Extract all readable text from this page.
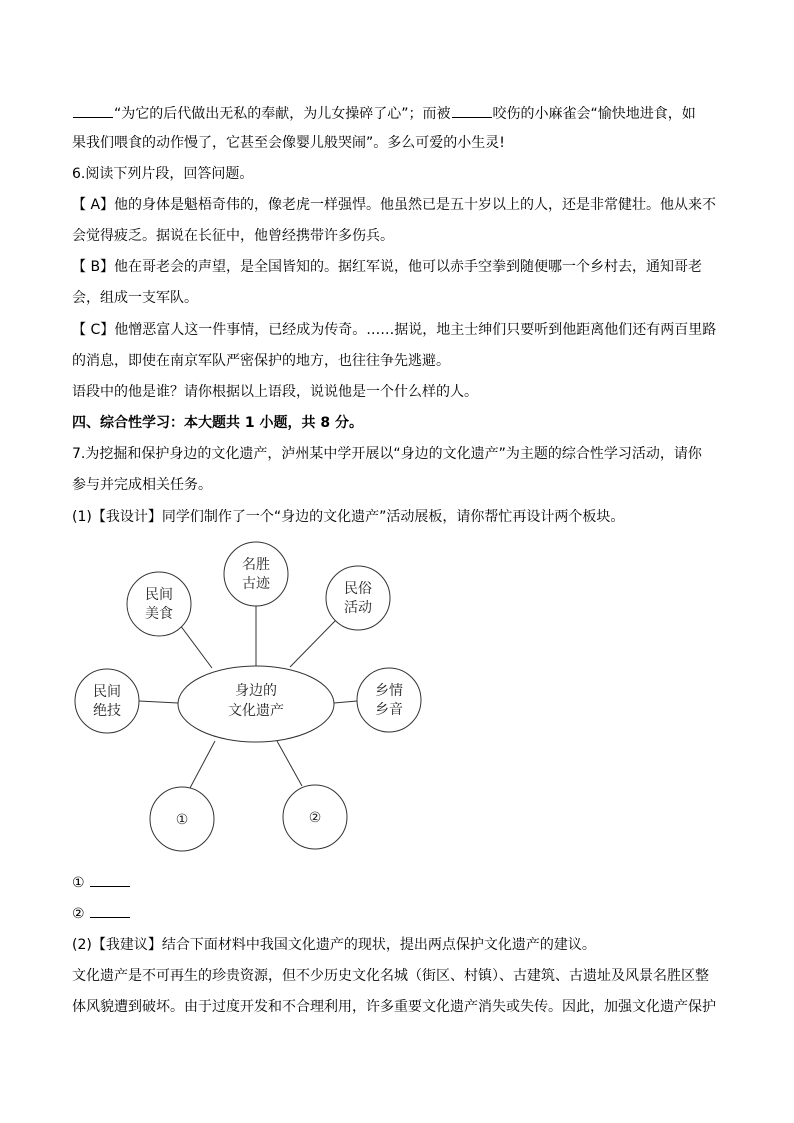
“为它的后代做出无私的奉献，为儿女操碎了心”；而被	咬伤的小麻雀会“愉快地进食，如

果我们喂食的动作慢了，它甚至会像婴儿般哭闹”。多么可爱的小生灵!

6.阅读下列片段，回答问题。

【 A】他的身体是魁梧奇伟的，像老虎一样强悍。他虽然已是五十岁以上的人，还是非常健壮。他从来不

会觉得疲乏。据说在长征中，他曾经携带许多伤兵。

【 B】他在哥老会的声望，是全国皆知的。据红军说，他可以赤手空拳到随便哪一个乡村去，通知哥老

会，组成一支军队。

【 C】他憎恶富人这一件事情，已经成为传奇。……据说，地主士绅们只要听到他距离他们还有两百里路

的消息，即使在南京军队严密保护的地方，也往往争先逃避。

语段中的他是谁？请你根据以上语段，说说他是一个什么样的人。

四、综合性学习：本大题共 1 小题，共 8 分。

7.为挖掘和保护身边的文化遗产，泸州某中学开展以“身边的文化遗产”为主题的综合性学习活动，请你

参与并完成相关任务。

(1)【我设计】同学们制作了一个“身边的文化遗产”活动展板，请你帮忙再设计两个板块。

身边的
文化遗产
名胜
古迹
民间
美食
民俗
活动
民间
绝技
乡情
乡音
①	②

①

②

(2)【我建议】结合下面材料中我国文化遗产的现状，提出两点保护文化遗产的建议。

文化遗产是不可再生的珍贵资源，但不少历史文化名城（街区、村镇）、古建筑、古遗址及风景名胜区整

体风貌遭到破坏。由于过度开发和不合理利用，许多重要文化遗产消失或失传。因此，加强文化遗产保护
